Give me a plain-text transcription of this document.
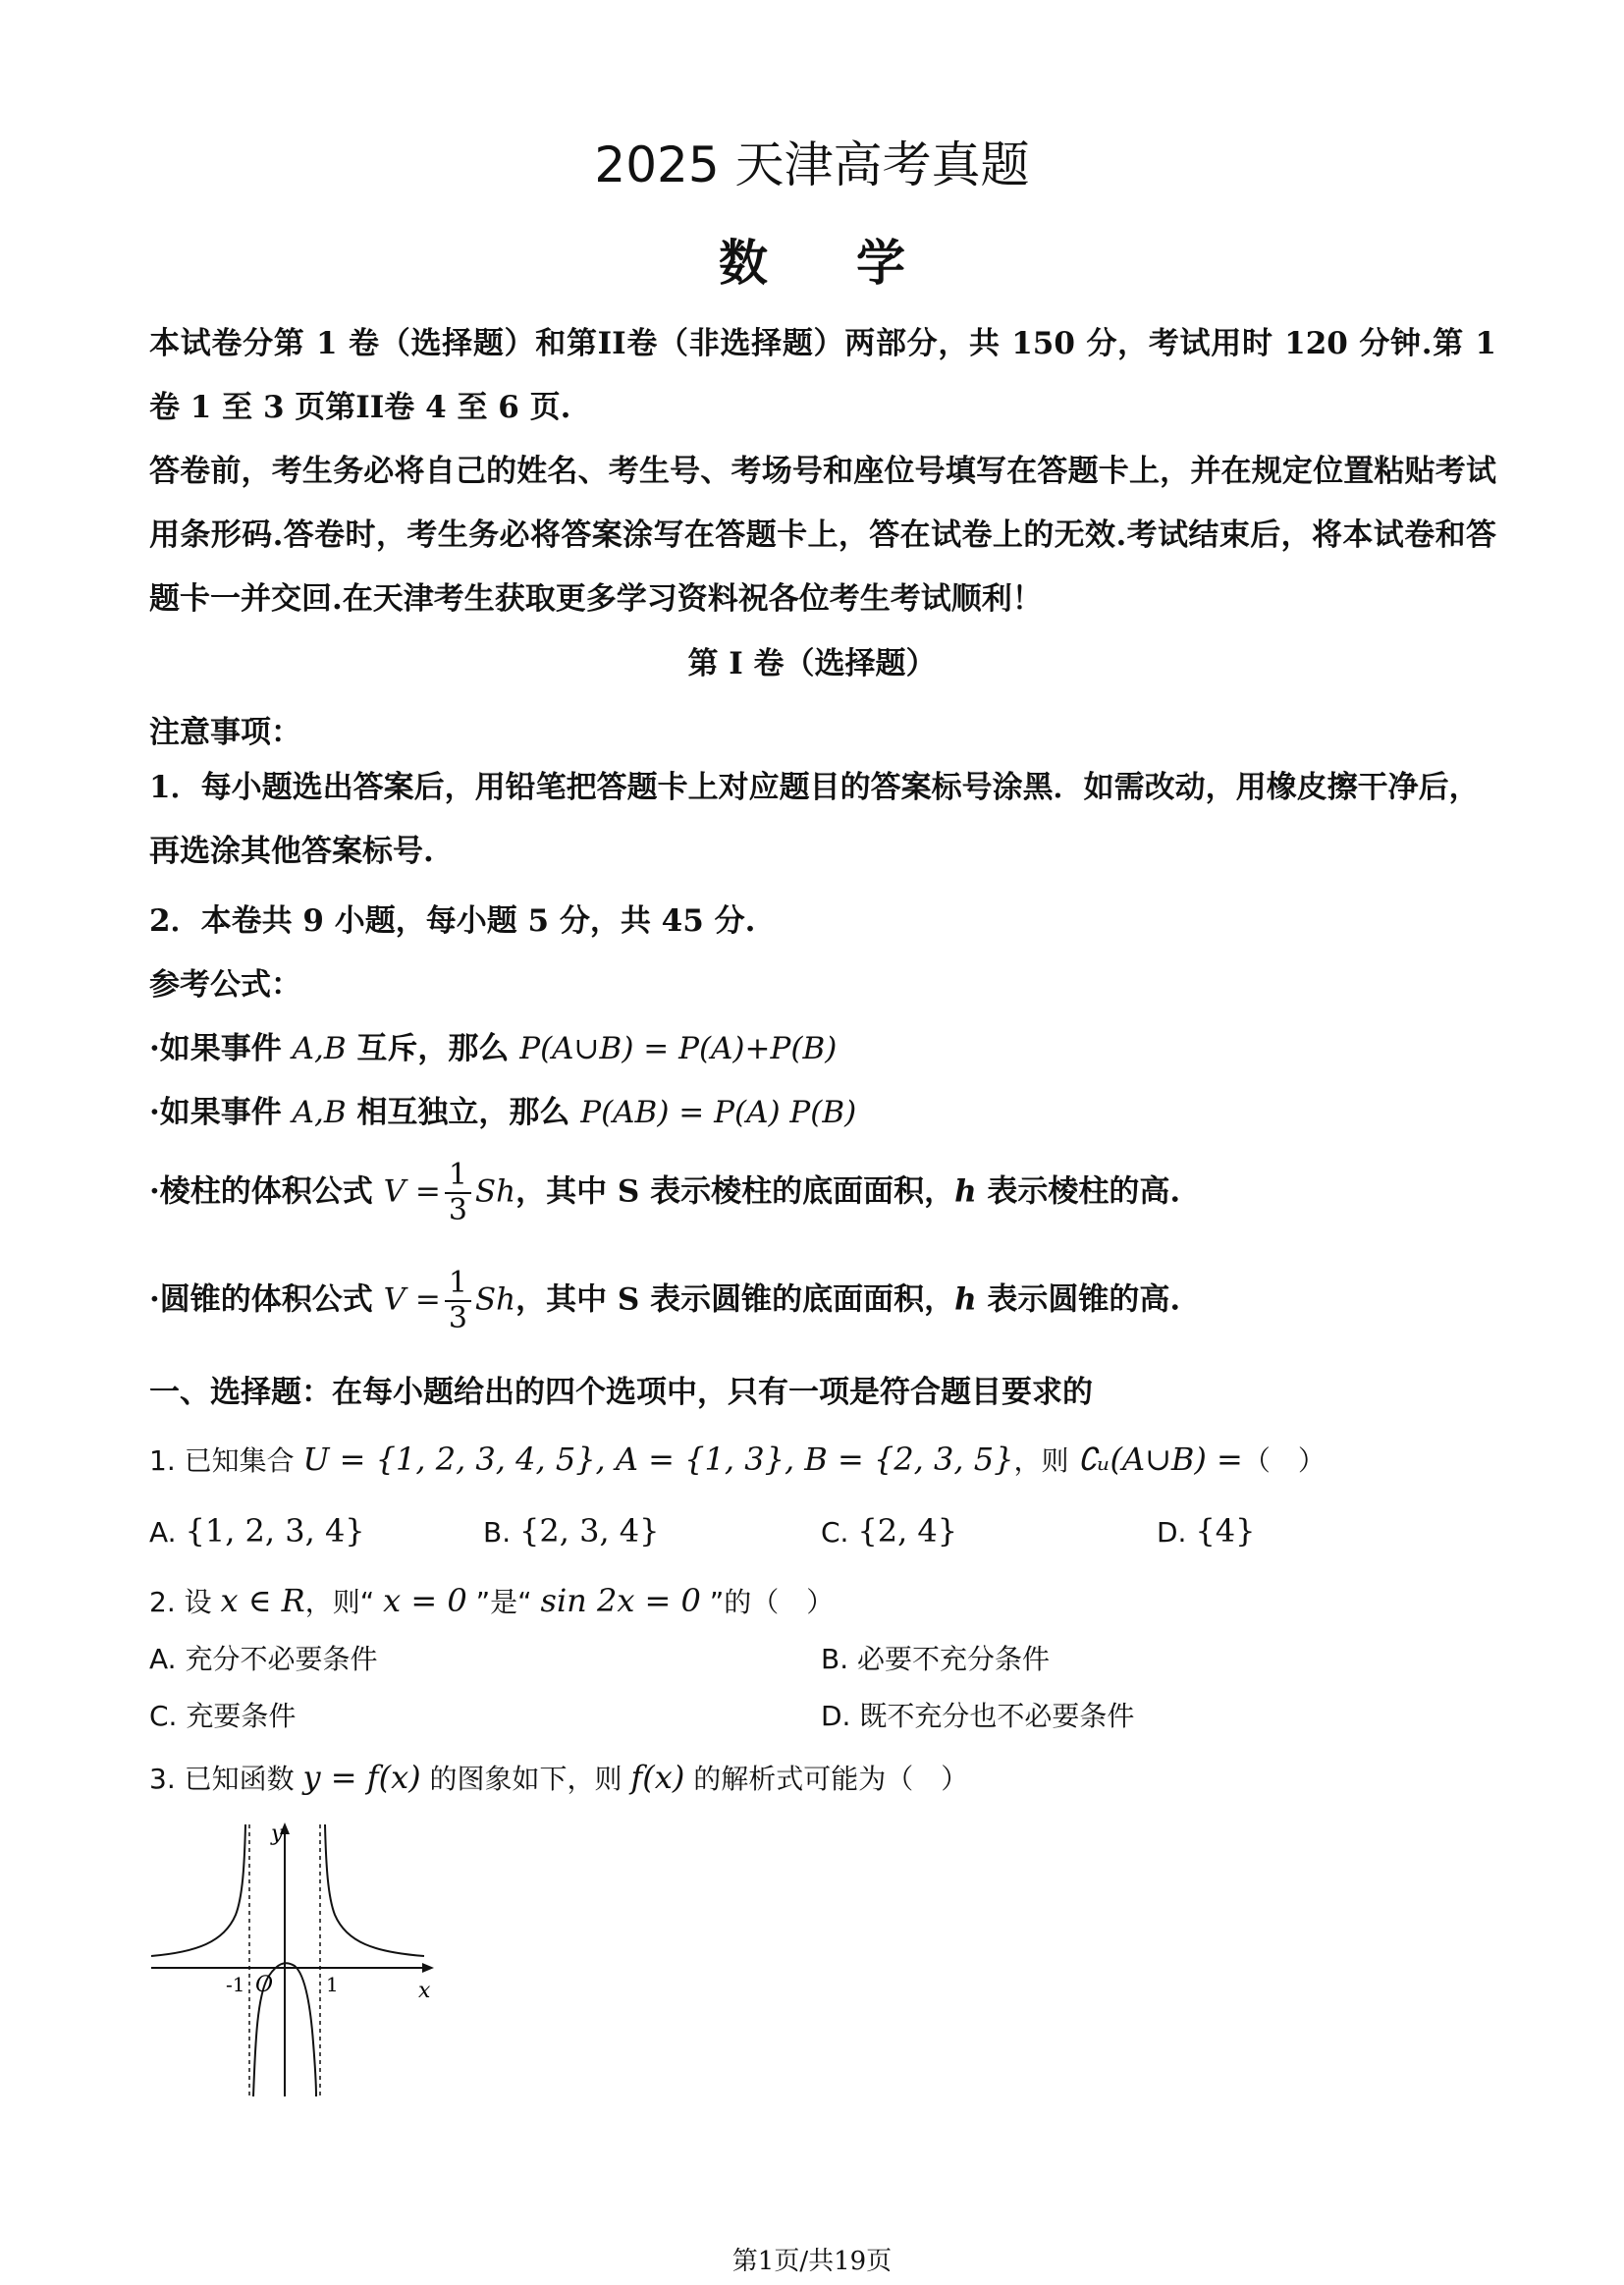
2025 天津高考真题
数学

本试卷分第 1 卷（选择题）和第II卷（非选择题）两部分，共 150 分，考试用时 120 分钟.第 1 卷 1 至 3 页第II卷 4 至 6 页.

答卷前，考生务必将自己的姓名、考生号、考场号和座位号填写在答题卡上，并在规定位置粘贴考试用条形码.答卷时，考生务必将答案涂写在答题卡上，答在试卷上的无效.考试结束后，将本试卷和答题卡一并交回.在天津考生获取更多学习资料祝各位考生考试顺利！

第 I 卷（选择题）
注意事项：
1．每小题选出答案后，用铅笔把答题卡上对应题目的答案标号涂黑．如需改动，用橡皮擦干净后，再选涂其他答案标号.
2．本卷共 9 小题，每小题 5 分，共 45 分.
参考公式：
·如果事件 A,B 互斥，那么 P(A∪B) = P(A)+P(B)
·如果事件 A,B 相互独立，那么 P(AB) = P(A) P(B)
·棱柱的体积公式 $V = \frac{1}{3}$ Sh，其中 S 表示棱柱的底面面积，h 表示棱柱的高.
·圆锥的体积公式 $V = \frac{1}{3}$ Sh，其中 S 表示圆锥的底面面积，h 表示圆锥的高.
一、选择题：在每小题给出的四个选项中，只有一项是符合题目要求的
1. 已知集合 U = {1, 2, 3, 4, 5}, A = {1, 3}, B = {2, 3, 5}，则 ∁ᵤ(A∪B) =（　）
A. {1, 2, 3, 4}	B. {2, 3, 4}	C. {2, 4}	D. {4}
2. 设 x ∈ R，则“ x = 0 ”是“ sin 2x = 0 ”的（　）
A. 充分不必要条件	B. 必要不充分条件
C. 充要条件	D. 既不充分也不必要条件
3. 已知函数 y = f(x) 的图象如下，则 f(x) 的解析式可能为（　）
y
x
O
-1	1
第1页/共19页
